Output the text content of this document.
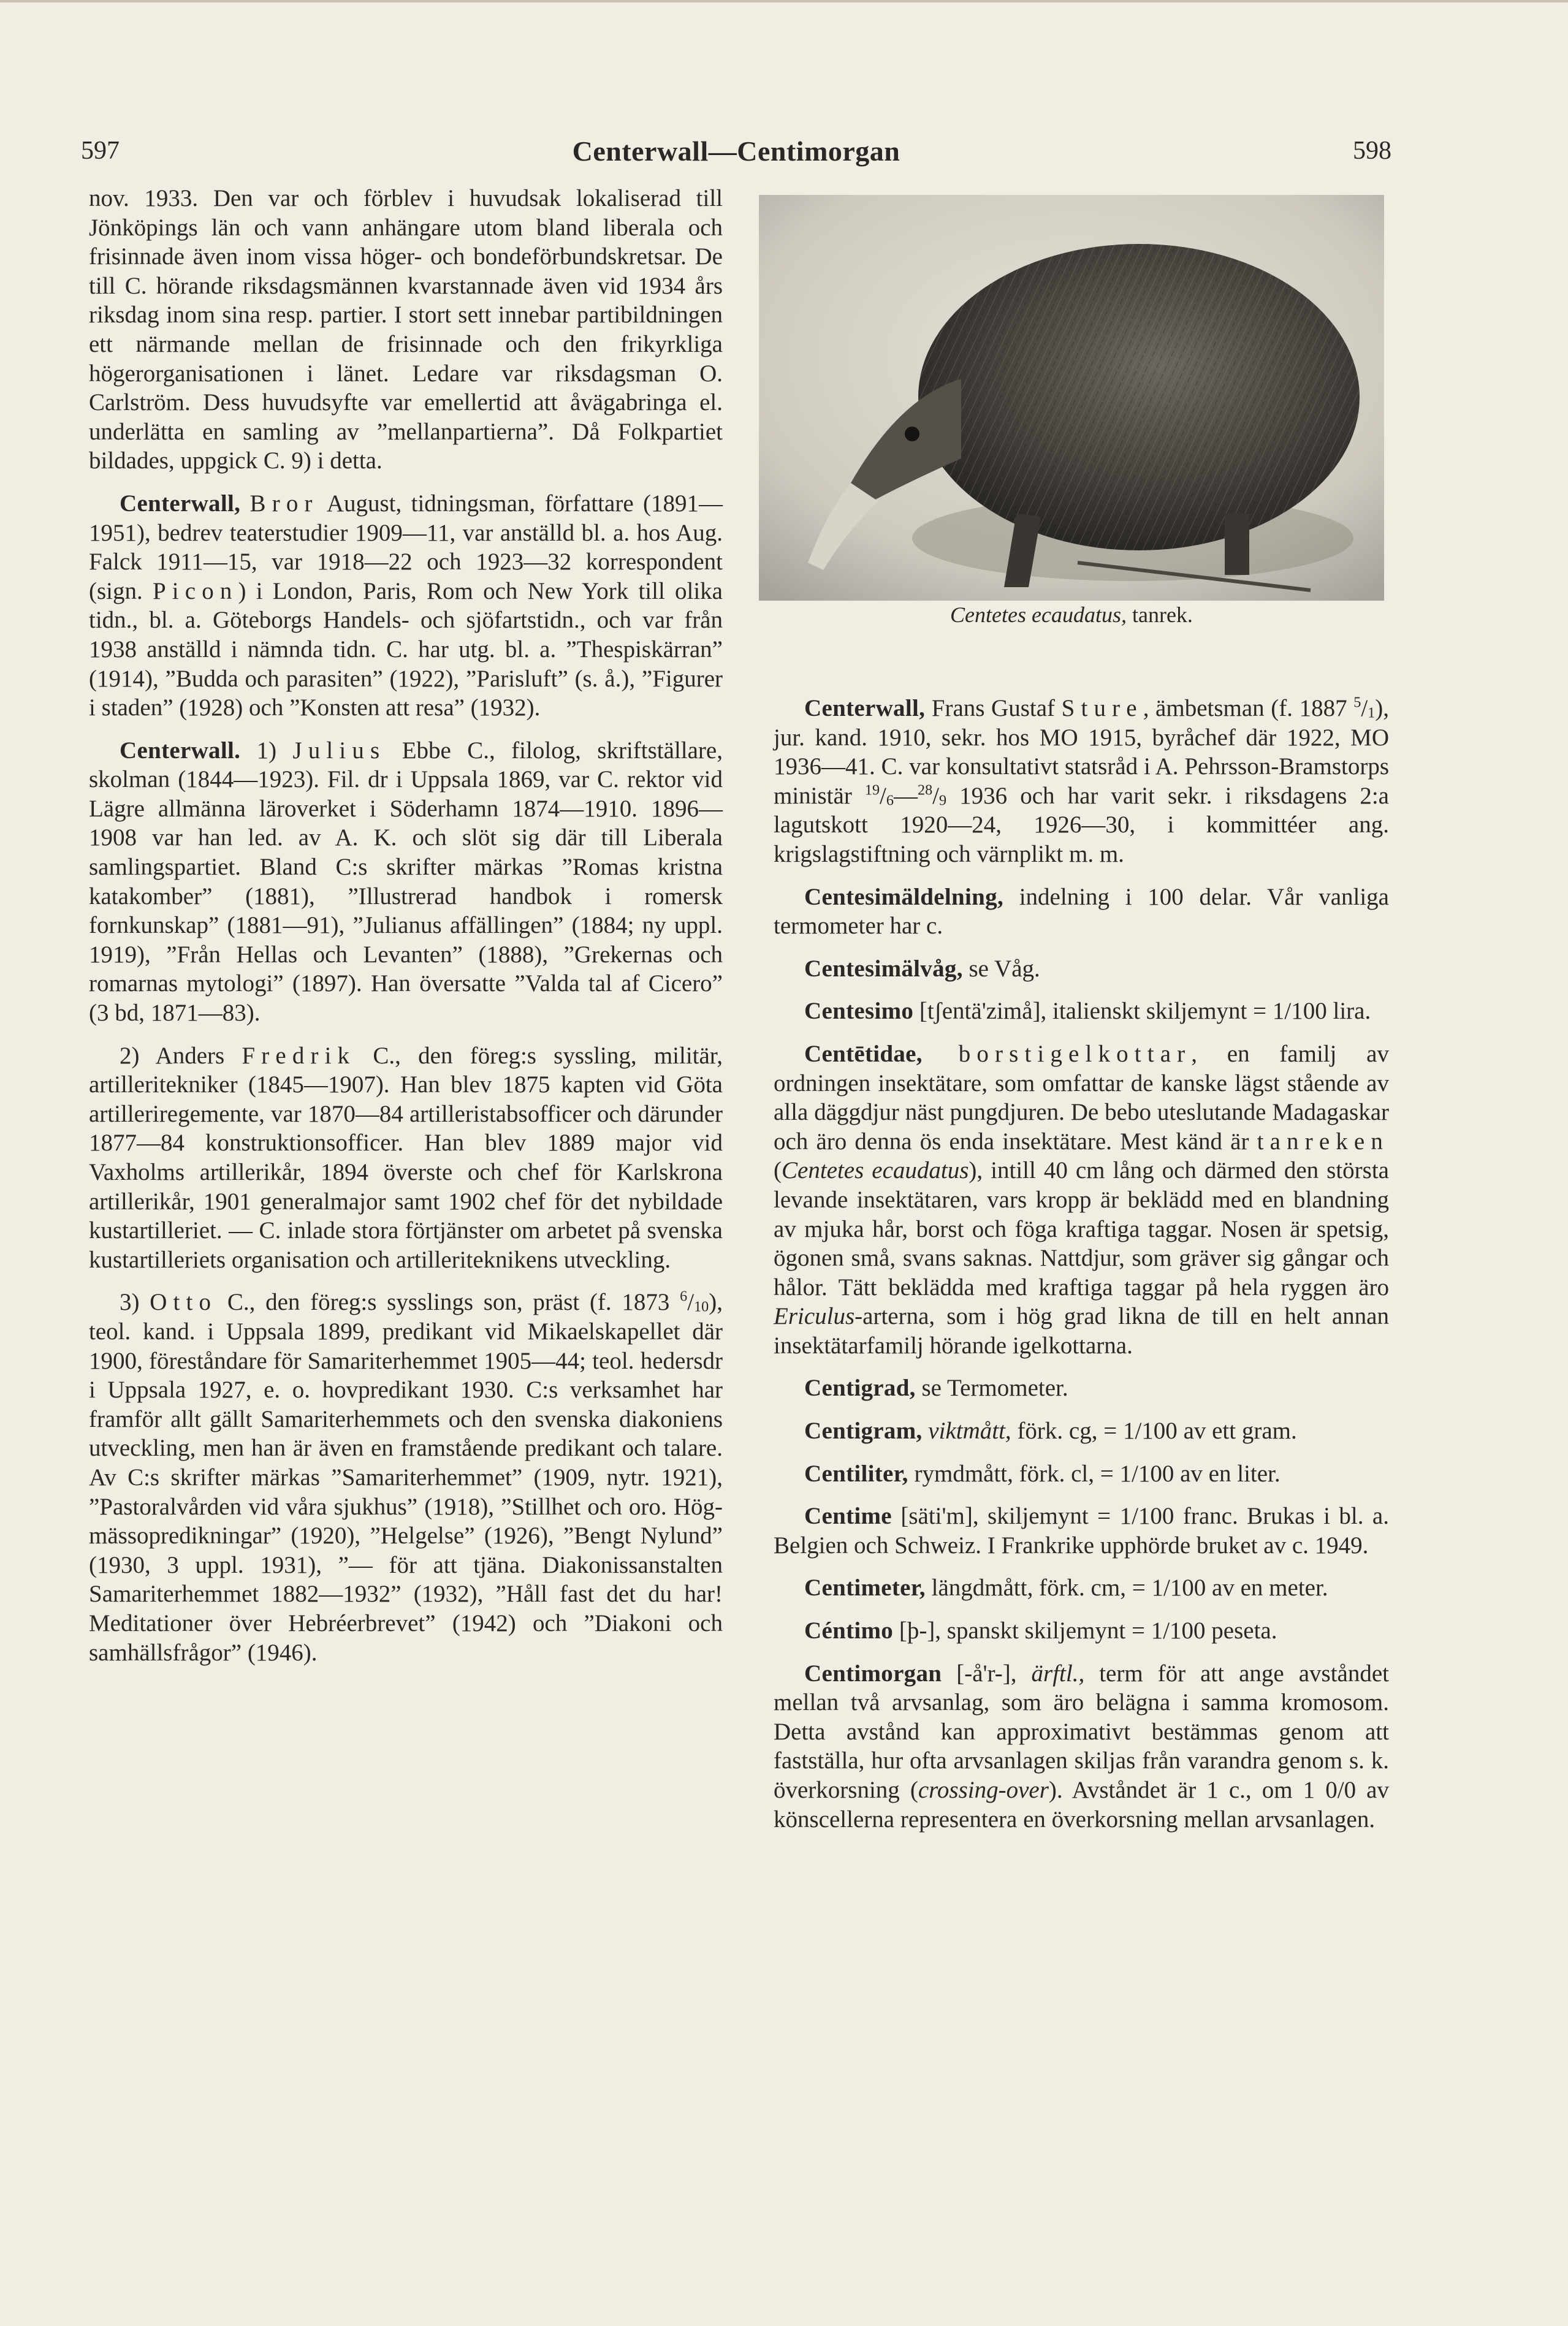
597	Centerwall—Centimorgan	598

nov. 1933. Den var och förblev i huvudsak lokaliserad till Jönköpings län och vann anhängare utom bland liberala och frisinnade även inom vissa höger- och bondeförbundskretsar. De till C. hörande riksdagsmännen kvarstannade även vid 1934 års riksdag inom sina resp. partier. I stort sett innebar partibildningen ett närmande mellan de frisinnade och den frikyrkliga högerorganisationen i länet. Ledare var riksdagsman O. Carlström. Dess huvudsyfte var emellertid att åvägabringa el. underlätta en samling av ”mellanpartierna”. Då Folkpartiet bildades, uppgick C. 9) i detta.

Centerwall, Bror August, tidningsman, författare (1891—1951), bedrev teaterstudier 1909—11, var anställd bl. a. hos Aug. Falck 1911—15, var 1918—22 och 1923—32 korrespondent (sign. Picon) i London, Paris, Rom och New York till olika tidn., bl. a. Göteborgs Handels- och sjöfartstidn., och var från 1938 anställd i nämnda tidn. C. har utg. bl. a. ”Thespiskärran” (1914), ”Budda och parasiten” (1922), ”Parisluft” (s. å.), ”Figurer i staden” (1928) och ”Konsten att resa” (1932).

Centerwall. 1) Julius Ebbe C., filolog, skriftställare, skolman (1844—1923). Fil. dr i Uppsala 1869, var C. rektor vid Lägre allmänna läroverket i Söderhamn 1874—1910. 1896—1908 var han led. av A. K. och slöt sig där till Liberala samlingspartiet. Bland C:s skrifter märkas ”Romas kristna katakomber” (1881), ”Illustrerad handbok i romersk fornkunskap” (1881—91), ”Julianus affällingen” (1884; ny uppl. 1919), ”Från Hellas och Levanten” (1888), ”Grekernas och romarnas mytologi” (1897). Han översatte ”Valda tal af Cicero” (3 bd, 1871—83).

2) Anders Fredrik C., den föreg:s syssling, militär, artilleritekniker (1845—1907). Han blev 1875 kapten vid Göta artilleriregemente, var 1870—84 artilleristabsofficer och därunder 1877—84 konstruktionsofficer. Han blev 1889 major vid Vaxholms artillerikår, 1894 överste och chef för Karlskrona artillerikår, 1901 generalmajor samt 1902 chef för det nybildade kustartilleriet. — C. inlade stora förtjänster om arbetet på svenska kustartilleriets organisation och artilleriteknikens utveckling.

3) Otto C., den föreg:s sysslings son, präst (f. 1873 $^6$/10), teol. kand. i Uppsala 1899, predikant vid Mikaelskapellet där 1900, föreståndare för Samariterhemmet 1905—44; teol. hedersdr i Uppsala 1927, e. o. hovpredikant 1930. C:s verksamhet har framför allt gällt Samariterhemmets och den svenska diakoniens utveckling, men han är även en framstående predikant och talare. Av C:s skrifter märkas ”Samariterhemmet” (1909, nytr. 1921), ”Pastoralvården vid våra sjukhus” (1918), ”Stillhet och oro. Högmässopredikningar” (1920), ”Helgelse” (1926), ”Bengt Nylund” (1930, 3 uppl. 1931), ”— för att tjäna. Diakonissanstalten Samariterhemmet 1882—1932” (1932), ”Håll fast det du har! Meditationer över Hebréerbrevet” (1942) och ”Diakoni och samhällsfrågor” (1946).

Centetes ecaudatus, tanrek.

Centerwall, Frans Gustaf Sture, ämbetsman (f. 1887 $^5$/1), jur. kand. 1910, sekr. hos MO 1915, byråchef där 1922, MO 1936—41. C. var konsultativt statsråd i A. Pehrsson-Bramstorps ministär $^{19}$/6—$^{28}$/9 1936 och har varit sekr. i riksdagens 2:a lagutskott 1920—24, 1926—30, i kommittéer ang. krigslagstiftning och värnplikt m. m.

Centesimäldelning, indelning i 100 delar. Vår vanliga termometer har c.

Centesimälvåg, se Våg.

Centesimo [tʃentä'zimå], italienskt skiljemynt = 1/100 lira.

Centētidae, borstigelkottar, en familj av ordningen insektätare, som omfattar de kanske lägst stående av alla däggdjur näst pungdjuren. De bebo uteslutande Madagaskar och äro denna ös enda insektätare. Mest känd är tanreken (Centetes ecaudatus), intill 40 cm lång och därmed den största levande insektätaren, vars kropp är beklädd med en blandning av mjuka hår, borst och föga kraftiga taggar. Nosen är spetsig, ögonen små, svans saknas. Nattdjur, som gräver sig gångar och hålor. Tätt beklädda med kraftiga taggar på hela ryggen äro Ericulus-arterna, som i hög grad likna de till en helt annan insektätarfamilj hörande igelkottarna.

Centigrad, se Termometer.

Centigram, viktmått, förk. cg, = 1/100 av ett gram.

Centiliter, rymdmått, förk. cl, = 1/100 av en liter.

Centime [säti'm], skiljemynt = 1/100 franc. Brukas i bl. a. Belgien och Schweiz. I Frankrike upphörde bruket av c. 1949.

Centimeter, längdmått, förk. cm, = 1/100 av en meter.

Céntimo [þ-], spanskt skiljemynt = 1/100 peseta.

Centimorgan [-å'r-], ärftl., term för att ange avståndet mellan två arvsanlag, som äro belägna i samma kromosom. Detta avstånd kan approximativt bestämmas genom att fastställa, hur ofta arvsanlagen skiljas från varandra genom s. k. överkorsning (crossing-over). Avståndet är 1 c., om 1 0/0 av könscellerna representera en överkorsning mellan arvsanlagen.
